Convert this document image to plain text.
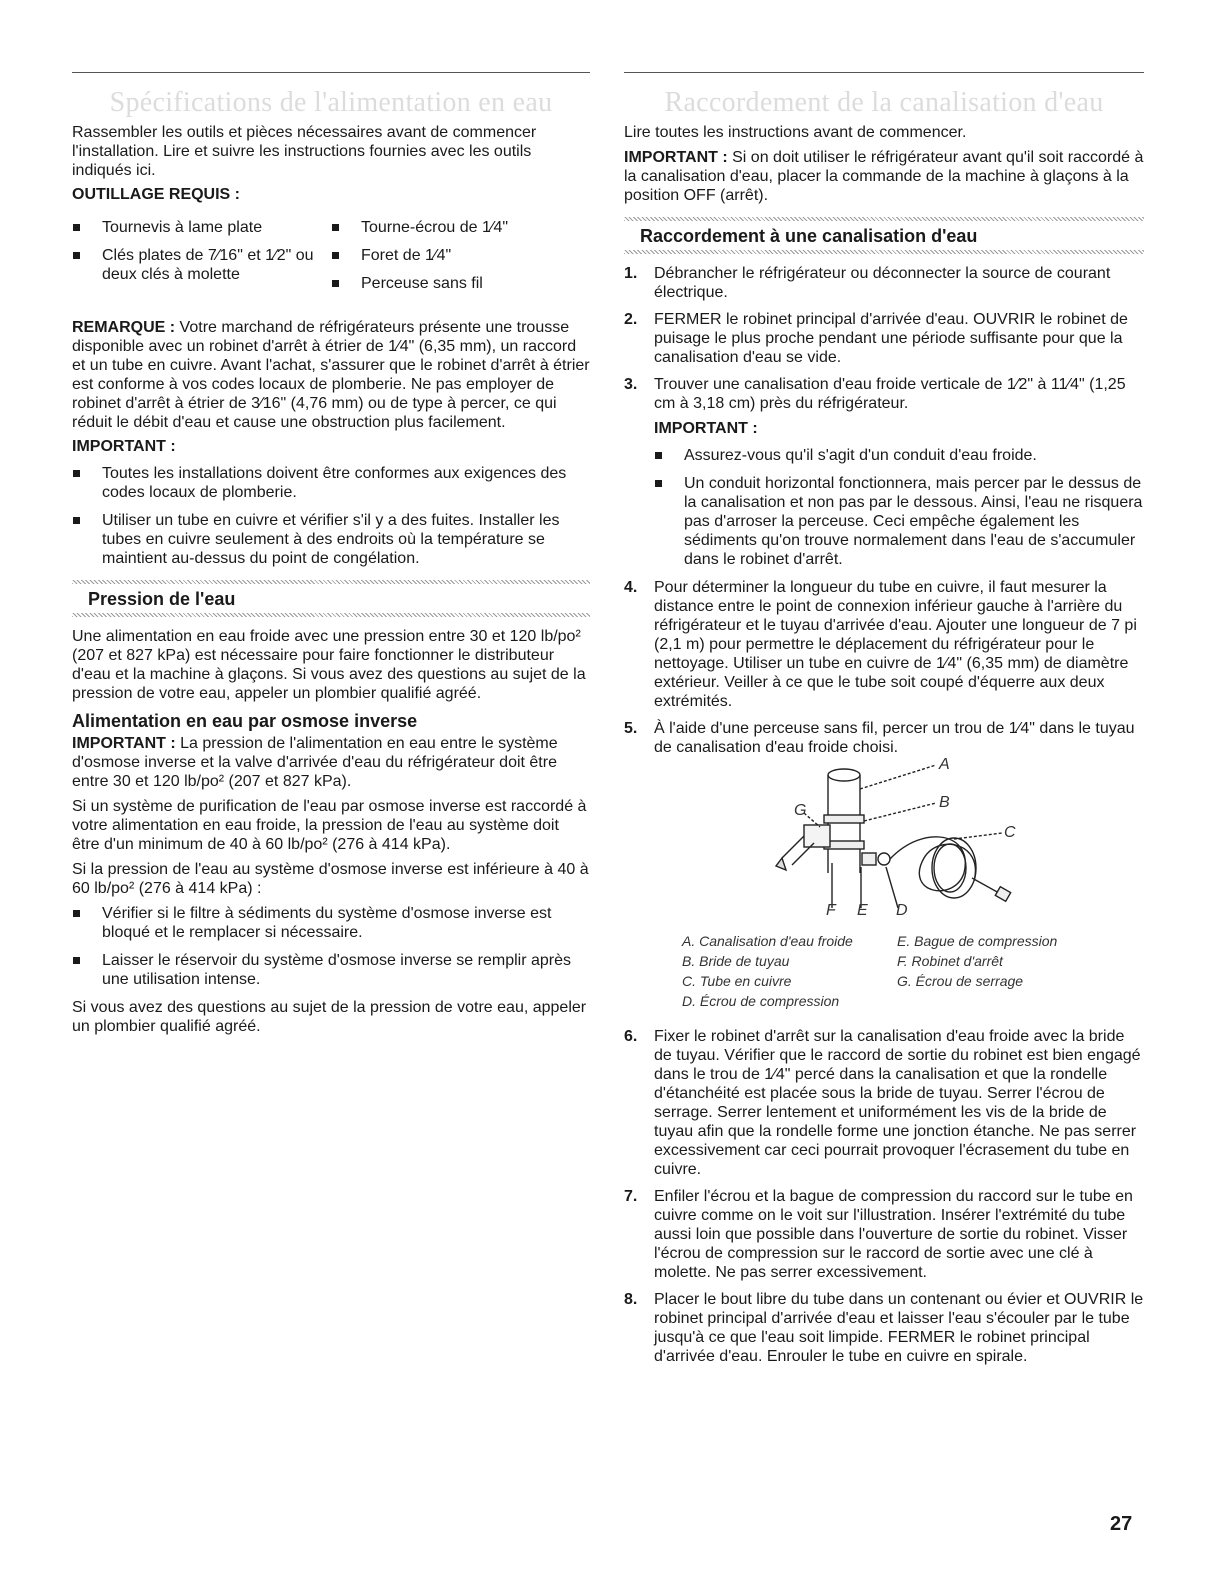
Spécifications de l'alimentation en eau

Rassembler les outils et pièces nécessaires avant de commencer l'installation. Lire et suivre les instructions fournies avec les outils indiqués ici.

OUTILLAGE REQUIS :
Tournevis à lame plate
Clés plates de 7⁄16" et 1⁄2" ou deux clés à molette
Tourne-écrou de 1⁄4"
Foret de 1⁄4"
Perceuse sans fil

REMARQUE : Votre marchand de réfrigérateurs présente une trousse disponible avec un robinet d'arrêt à étrier de 1⁄4" (6,35 mm), un raccord et un tube en cuivre. Avant l'achat, s'assurer que le robinet d'arrêt à étrier est conforme à vos codes locaux de plomberie. Ne pas employer de robinet d'arrêt à étrier de 3⁄16" (4,76 mm) ou de type à percer, ce qui réduit le débit d'eau et cause une obstruction plus facilement.

IMPORTANT :
Toutes les installations doivent être conformes aux exigences des codes locaux de plomberie.
Utiliser un tube en cuivre et vérifier s'il y a des fuites. Installer les tubes en cuivre seulement à des endroits où la température se maintient au-dessus du point de congélation.
Pression de l'eau

Une alimentation en eau froide avec une pression entre 30 et 120 lb/po² (207 et 827 kPa) est nécessaire pour faire fonctionner le distributeur d'eau et la machine à glaçons. Si vous avez des questions au sujet de la pression de votre eau, appeler un plombier qualifié agréé.

Alimentation en eau par osmose inverse

IMPORTANT : La pression de l'alimentation en eau entre le système d'osmose inverse et la valve d'arrivée d'eau du réfrigérateur doit être entre 30 et 120 lb/po² (207 et 827 kPa).

Si un système de purification de l'eau par osmose inverse est raccordé à votre alimentation en eau froide, la pression de l'eau au système doit être d'un minimum de 40 à 60 lb/po² (276 à 414 kPa).

Si la pression de l'eau au système d'osmose inverse est inférieure à 40 à 60 lb/po² (276 à 414 kPa) :

Vérifier si le filtre à sédiments du système d'osmose inverse est bloqué et le remplacer si nécessaire.
Laisser le réservoir du système d'osmose inverse se remplir après une utilisation intense.

Si vous avez des questions au sujet de la pression de votre eau, appeler un plombier qualifié agréé.

Raccordement de la canalisation d'eau

Lire toutes les instructions avant de commencer.

IMPORTANT : Si on doit utiliser le réfrigérateur avant qu'il soit raccordé à la canalisation d'eau, placer la commande de la machine à glaçons à la position OFF (arrêt).

Raccordement à une canalisation d'eau
1. Débrancher le réfrigérateur ou déconnecter la source de courant électrique.
2. FERMER le robinet principal d'arrivée d'eau. OUVRIR le robinet de puisage le plus proche pendant une période suffisante pour que la canalisation d'eau se vide.
3. Trouver une canalisation d'eau froide verticale de 1⁄2" à 11⁄4" (1,25 cm à 3,18 cm) près du réfrigérateur.
IMPORTANT :
Assurez-vous qu'il s'agit d'un conduit d'eau froide.
Un conduit horizontal fonctionnera, mais percer par le dessus de la canalisation et non pas par le dessous. Ainsi, l'eau ne risquera pas d'arroser la perceuse. Ceci empêche également les sédiments qu'on trouve normalement dans l'eau de s'accumuler dans le robinet d'arrêt.
4. Pour déterminer la longueur du tube en cuivre, il faut mesurer la distance entre le point de connexion inférieur gauche à l'arrière du réfrigérateur et le tuyau d'arrivée d'eau. Ajouter une longueur de 7 pi (2,1 m) pour permettre le déplacement du réfrigérateur pour le nettoyage. Utiliser un tube en cuivre de 1⁄4" (6,35 mm) de diamètre extérieur. Veiller à ce que le tube soit coupé d'équerre aux deux extrémités.
5. À l'aide d'une perceuse sans fil, percer un trou de 1⁄4" dans le tuyau de canalisation d'eau froide choisi.
A
B
C
G
F E D
A. Canalisation d'eau froide	E. Bague de compression
B. Bride de tuyau	F. Robinet d'arrêt
C. Tube en cuivre	G. Écrou de serrage
D. Écrou de compression
6. Fixer le robinet d'arrêt sur la canalisation d'eau froide avec la bride de tuyau. Vérifier que le raccord de sortie du robinet est bien engagé dans le trou de 1⁄4" percé dans la canalisation et que la rondelle d'étanchéité est placée sous la bride de tuyau. Serrer l'écrou de serrage. Serrer lentement et uniformément les vis de la bride de tuyau afin que la rondelle forme une jonction étanche. Ne pas serrer excessivement car ceci pourrait provoquer l'écrasement du tube en cuivre.
7. Enfiler l'écrou et la bague de compression du raccord sur le tube en cuivre comme on le voit sur l'illustration. Insérer l'extrémité du tube aussi loin que possible dans l'ouverture de sortie du robinet. Visser l'écrou de compression sur le raccord de sortie avec une clé à molette. Ne pas serrer excessivement.
8. Placer le bout libre du tube dans un contenant ou évier et OUVRIR le robinet principal d'arrivée d'eau et laisser l'eau s'écouler par le tube jusqu'à ce que l'eau soit limpide. FERMER le robinet principal d'arrivée d'eau. Enrouler le tube en cuivre en spirale.
27
